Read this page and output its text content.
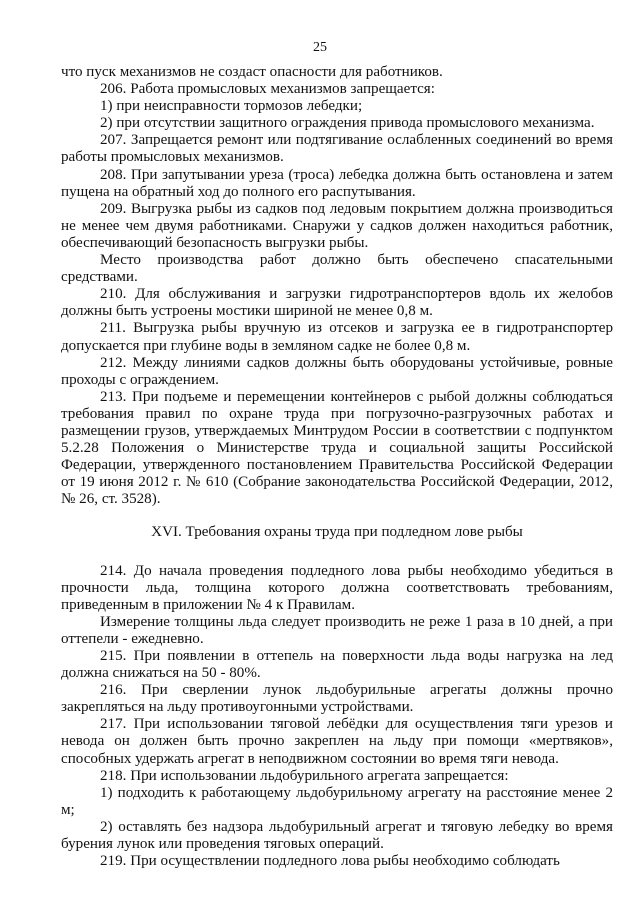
25

что пуск механизмов не создаст опасности для работников.

206. Работа промысловых механизмов запрещается:

1) при неисправности тормозов лебедки;

2) при отсутствии защитного ограждения привода промыслового механизма.

207. Запрещается ремонт или подтягивание ослабленных соединений во время работы промысловых механизмов.

208. При запутывании уреза (троса) лебедка должна быть остановлена и затем пущена на обратный ход до полного его распутывания.

209. Выгрузка рыбы из садков под ледовым покрытием должна производиться не менее чем двумя работниками. Снаружи у садков должен находиться работник, обеспечивающий безопасность выгрузки рыбы.

Место производства работ должно быть обеспечено спасательными средствами.

210. Для обслуживания и загрузки гидротранспортеров вдоль их желобов должны быть устроены мостики шириной не менее 0,8 м.

211. Выгрузка рыбы вручную из отсеков и загрузка ее в гидротранспортер допускается при глубине воды в земляном садке не более 0,8 м.

212. Между линиями садков должны быть оборудованы устойчивые, ровные проходы с ограждением.

213. При подъеме и перемещении контейнеров с рыбой должны соблюдаться требования правил по охране труда при погрузочно-разгрузочных работах и размещении грузов, утверждаемых Минтрудом России в соответствии с подпунктом 5.2.28 Положения о Министерстве труда и социальной защиты Российской Федерации, утвержденного постановлением Правительства Российской Федерации от 19 июня 2012 г. № 610 (Собрание законодательства Российской Федерации, 2012, № 26, ст. 3528).

XVI. Требования охраны труда при подледном лове рыбы

214. До начала проведения подледного лова рыбы необходимо убедиться в прочности льда, толщина которого должна соответствовать требованиям, приведенным в приложении № 4 к Правилам.

Измерение толщины льда следует производить не реже 1 раза в 10 дней, а при оттепели - ежедневно.

215. При появлении в оттепель на поверхности льда воды нагрузка на лед должна снижаться на 50 - 80%.

216. При сверлении лунок льдобурильные агрегаты должны прочно закрепляться на льду противоугонными устройствами.

217. При использовании тяговой лебёдки для осуществления тяги урезов и невода он должен быть прочно закреплен на льду при помощи «мертвяков», способных удержать агрегат в неподвижном состоянии во время тяги невода.

218. При использовании льдобурильного агрегата запрещается:

1) подходить к работающему льдобурильному агрегату на расстояние менее 2 м;

2) оставлять без надзора льдобурильный агрегат и тяговую лебедку во время бурения лунок или проведения тяговых операций.

219. При осуществлении подледного лова рыбы необходимо соблюдать
